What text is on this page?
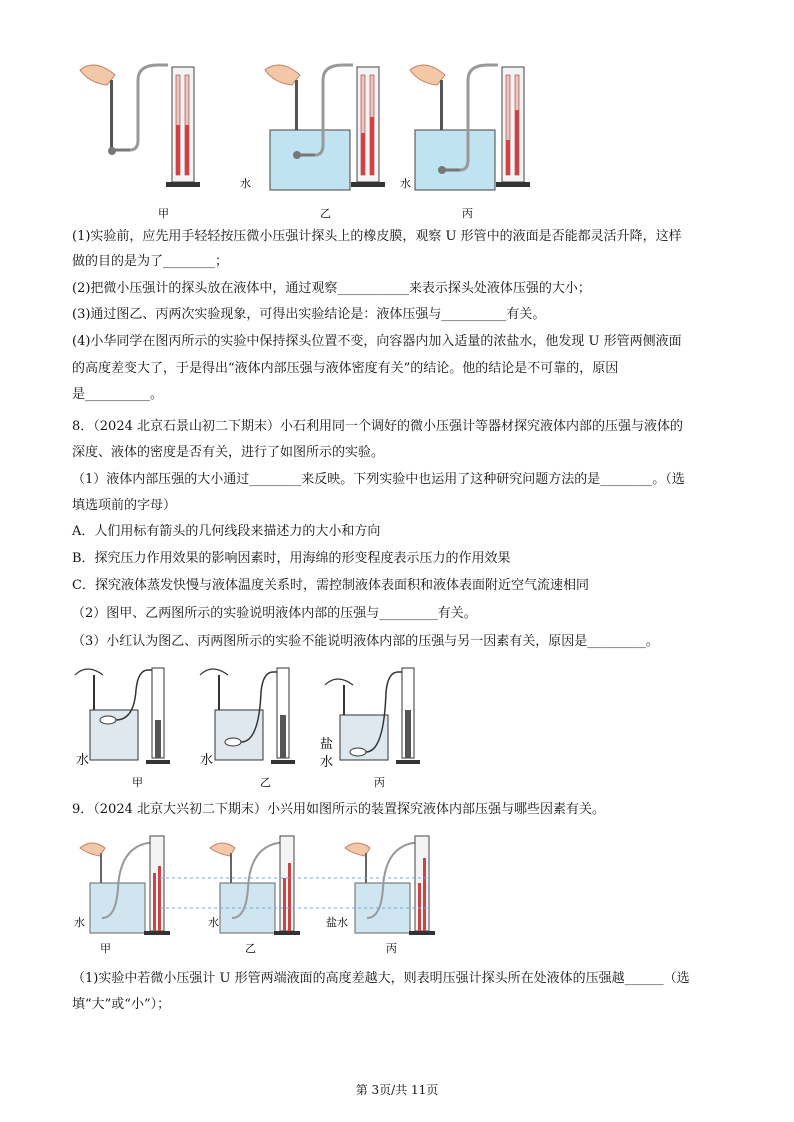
甲
水
乙
水
丙
(1)实验前，应先用手轻轻按压微小压强计探头上的橡皮膜，观察 U 形管中的液面是否能都灵活升降，这样
做的目的是为了________；
(2)把微小压强计的探头放在液体中，通过观察___________来表示探头处液体压强的大小；
(3)通过图乙、丙两次实验现象，可得出实验结论是：液体压强与__________有关。
(4)小华同学在图丙所示的实验中保持探头位置不变，向容器内加入适量的浓盐水，他发现 U 形管两侧液面
的高度差变大了，于是得出“液体内部压强与液体密度有关”的结论。他的结论是不可靠的，原因
是__________。
8．（2024 北京石景山初二下期末）小石利用同一个调好的微小压强计等器材探究液体内部的压强与液体的
深度、液体的密度是否有关，进行了如图所示的实验。
（1）液体内部压强的大小通过________来反映。下列实验中也运用了这种研究问题方法的是________。（选
填选项前的字母）
A．人们用标有箭头的几何线段来描述力的大小和方向
B．探究压力作用效果的影响因素时，用海绵的形变程度表示压力的作用效果
C．探究液体蒸发快慢与液体温度关系时，需控制液体表面积和液体表面附近空气流速相同
（2）图甲、乙两图所示的实验说明液体内部的压强与_________有关。
（3）小红认为图乙、丙两图所示的实验不能说明液体内部的压强与另一因素有关，原因是_________。
水
甲
水
乙
盐
水
丙
9．（2024 北京大兴初二下期末）小兴用如图所示的装置探究液体内部压强与哪些因素有关。
水
甲
水
乙
盐水
丙
（1)实验中若微小压强计 U 形管两端液面的高度差越大，则表明压强计探头所在处液体的压强越______（选
填“大”或“小”）；
第 3页/共 11页
